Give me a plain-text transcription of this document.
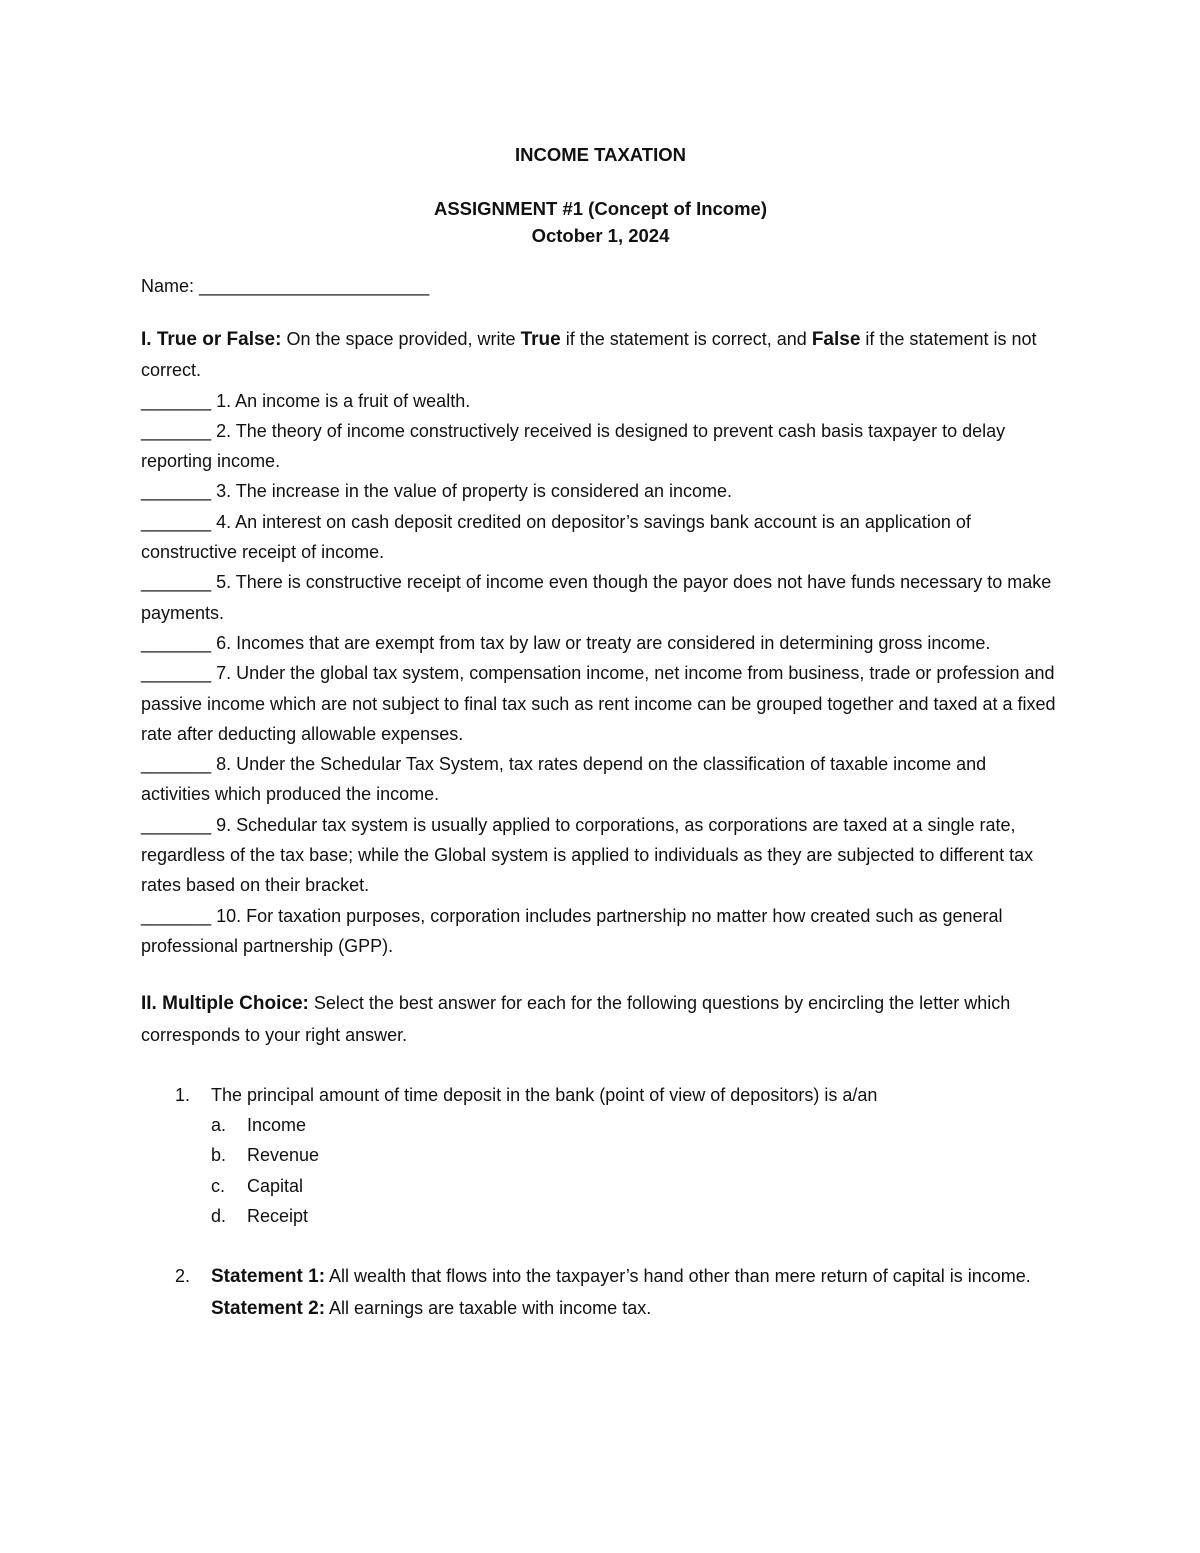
INCOME TAXATION

ASSIGNMENT #1 (Concept of Income)

October 1, 2024

Name: _______________________

I. True or False: On the space provided, write True if the statement is correct, and False if the statement is not correct.

_______ 1. An income is a fruit of wealth.

_______ 2. The theory of income constructively received is designed to prevent cash basis taxpayer to delay reporting income.

_______ 3. The increase in the value of property is considered an income.

_______ 4. An interest on cash deposit credited on depositor’s savings bank account is an application of constructive receipt of income.

_______ 5. There is constructive receipt of income even though the payor does not have funds necessary to make payments.

_______ 6. Incomes that are exempt from tax by law or treaty are considered in determining gross income.

_______ 7. Under the global tax system, compensation income, net income from business, trade or profession and passive income which are not subject to final tax such as rent income can be grouped together and taxed at a fixed rate after deducting allowable expenses.

_______ 8. Under the Schedular Tax System, tax rates depend on the classification of taxable income and activities which produced the income.

_______ 9. Schedular tax system is usually applied to corporations, as corporations are taxed at a single rate, regardless of the tax base; while the Global system is applied to individuals as they are subjected to different tax rates based on their bracket.

_______ 10. For taxation purposes, corporation includes partnership no matter how created such as general professional partnership (GPP).

II. Multiple Choice: Select the best answer for each for the following questions by encircling the letter which corresponds to your right answer.

1.	The principal amount of time deposit in the bank (point of view of depositors) is a/an
a.	Income
b.	Revenue
c.	Capital
d.	Receipt
2.	Statement 1: All wealth that flows into the taxpayer’s hand other than mere return of capital is income.
Statement 2: All earnings are taxable with income tax.
